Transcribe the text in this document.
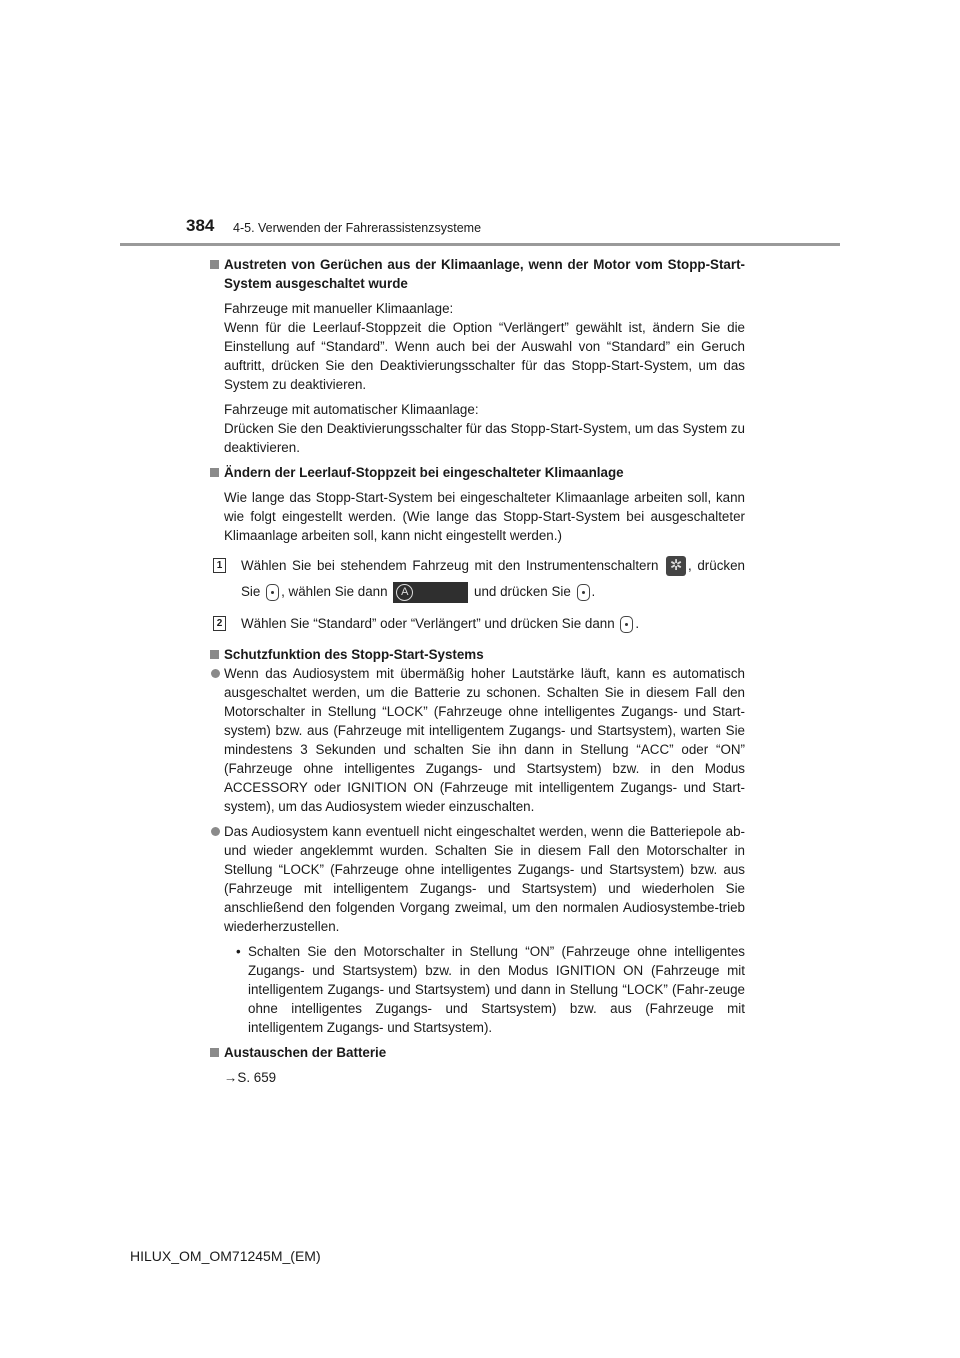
384 4-5. Verwenden der Fahrerassistenzsysteme

Austreten von Gerüchen aus der Klimaanlage, wenn der Motor vom Stopp-Start-System ausgeschaltet wurde

Fahrzeuge mit manueller Klimaanlage:

Wenn für die Leerlauf-Stoppzeit die Option “Verlängert” gewählt ist, ändern Sie die Einstellung auf “Standard”. Wenn auch bei der Auswahl von “Standard” ein Geruch auftritt, drücken Sie den Deaktivierungsschalter für das Stopp-Start-System, um das System zu deaktivieren.

Fahrzeuge mit automatischer Klimaanlage:

Drücken Sie den Deaktivierungsschalter für das Stopp-Start-System, um das System zu deaktivieren.

Ändern der Leerlauf-Stoppzeit bei eingeschalteter Klimaanlage

Wie lange das Stopp-Start-System bei eingeschalteter Klimaanlage arbeiten soll, kann wie folgt eingestellt werden. (Wie lange das Stopp-Start-System bei ausgeschalteter Klimaanlage arbeiten soll, kann nicht eingestellt werden.)

1 Wählen Sie bei stehendem Fahrzeug mit den Instrumentenschaltern ✲ , drücken Sie , wählen Sie dann	A	und drücken Sie .

2 Wählen Sie “Standard” oder “Verlängert” und drücken Sie dann .

Schutzfunktion des Stopp-Start-Systems

Wenn das Audiosystem mit übermäßig hoher Lautstärke läuft, kann es automatisch ausgeschaltet werden, um die Batterie zu schonen. Schalten Sie in diesem Fall den Motorschalter in Stellung “LOCK” (Fahrzeuge ohne intelligentes Zugangs- und Start-system) bzw. aus (Fahrzeuge mit intelligentem Zugangs- und Startsystem), warten Sie mindestens 3 Sekunden und schalten Sie ihn dann in Stellung “ACC” oder “ON” (Fahrzeuge ohne intelligentes Zugangs- und Startsystem) bzw. in den Modus ACCESSORY oder IGNITION ON (Fahrzeuge mit intelligentem Zugangs- und Start-system), um das Audiosystem wieder einzuschalten.

Das Audiosystem kann eventuell nicht eingeschaltet werden, wenn die Batteriepole ab- und wieder angeklemmt wurden. Schalten Sie in diesem Fall den Motorschalter in Stellung “LOCK” (Fahrzeuge ohne intelligentes Zugangs- und Startsystem) bzw. aus (Fahrzeuge mit intelligentem Zugangs- und Startsystem) und wiederholen Sie anschließend den folgenden Vorgang zweimal, um den normalen Audiosystembe-trieb wiederherzustellen.

• Schalten Sie den Motorschalter in Stellung “ON” (Fahrzeuge ohne intelligentes Zugangs- und Startsystem) bzw. in den Modus IGNITION ON (Fahrzeuge mit intelligentem Zugangs- und Startsystem) und dann in Stellung “LOCK” (Fahr-zeuge ohne intelligentes Zugangs- und Startsystem) bzw. aus (Fahrzeuge mit intelligentem Zugangs- und Startsystem).

Austauschen der Batterie

→S. 659

HILUX_OM_OM71245M_(EM)
